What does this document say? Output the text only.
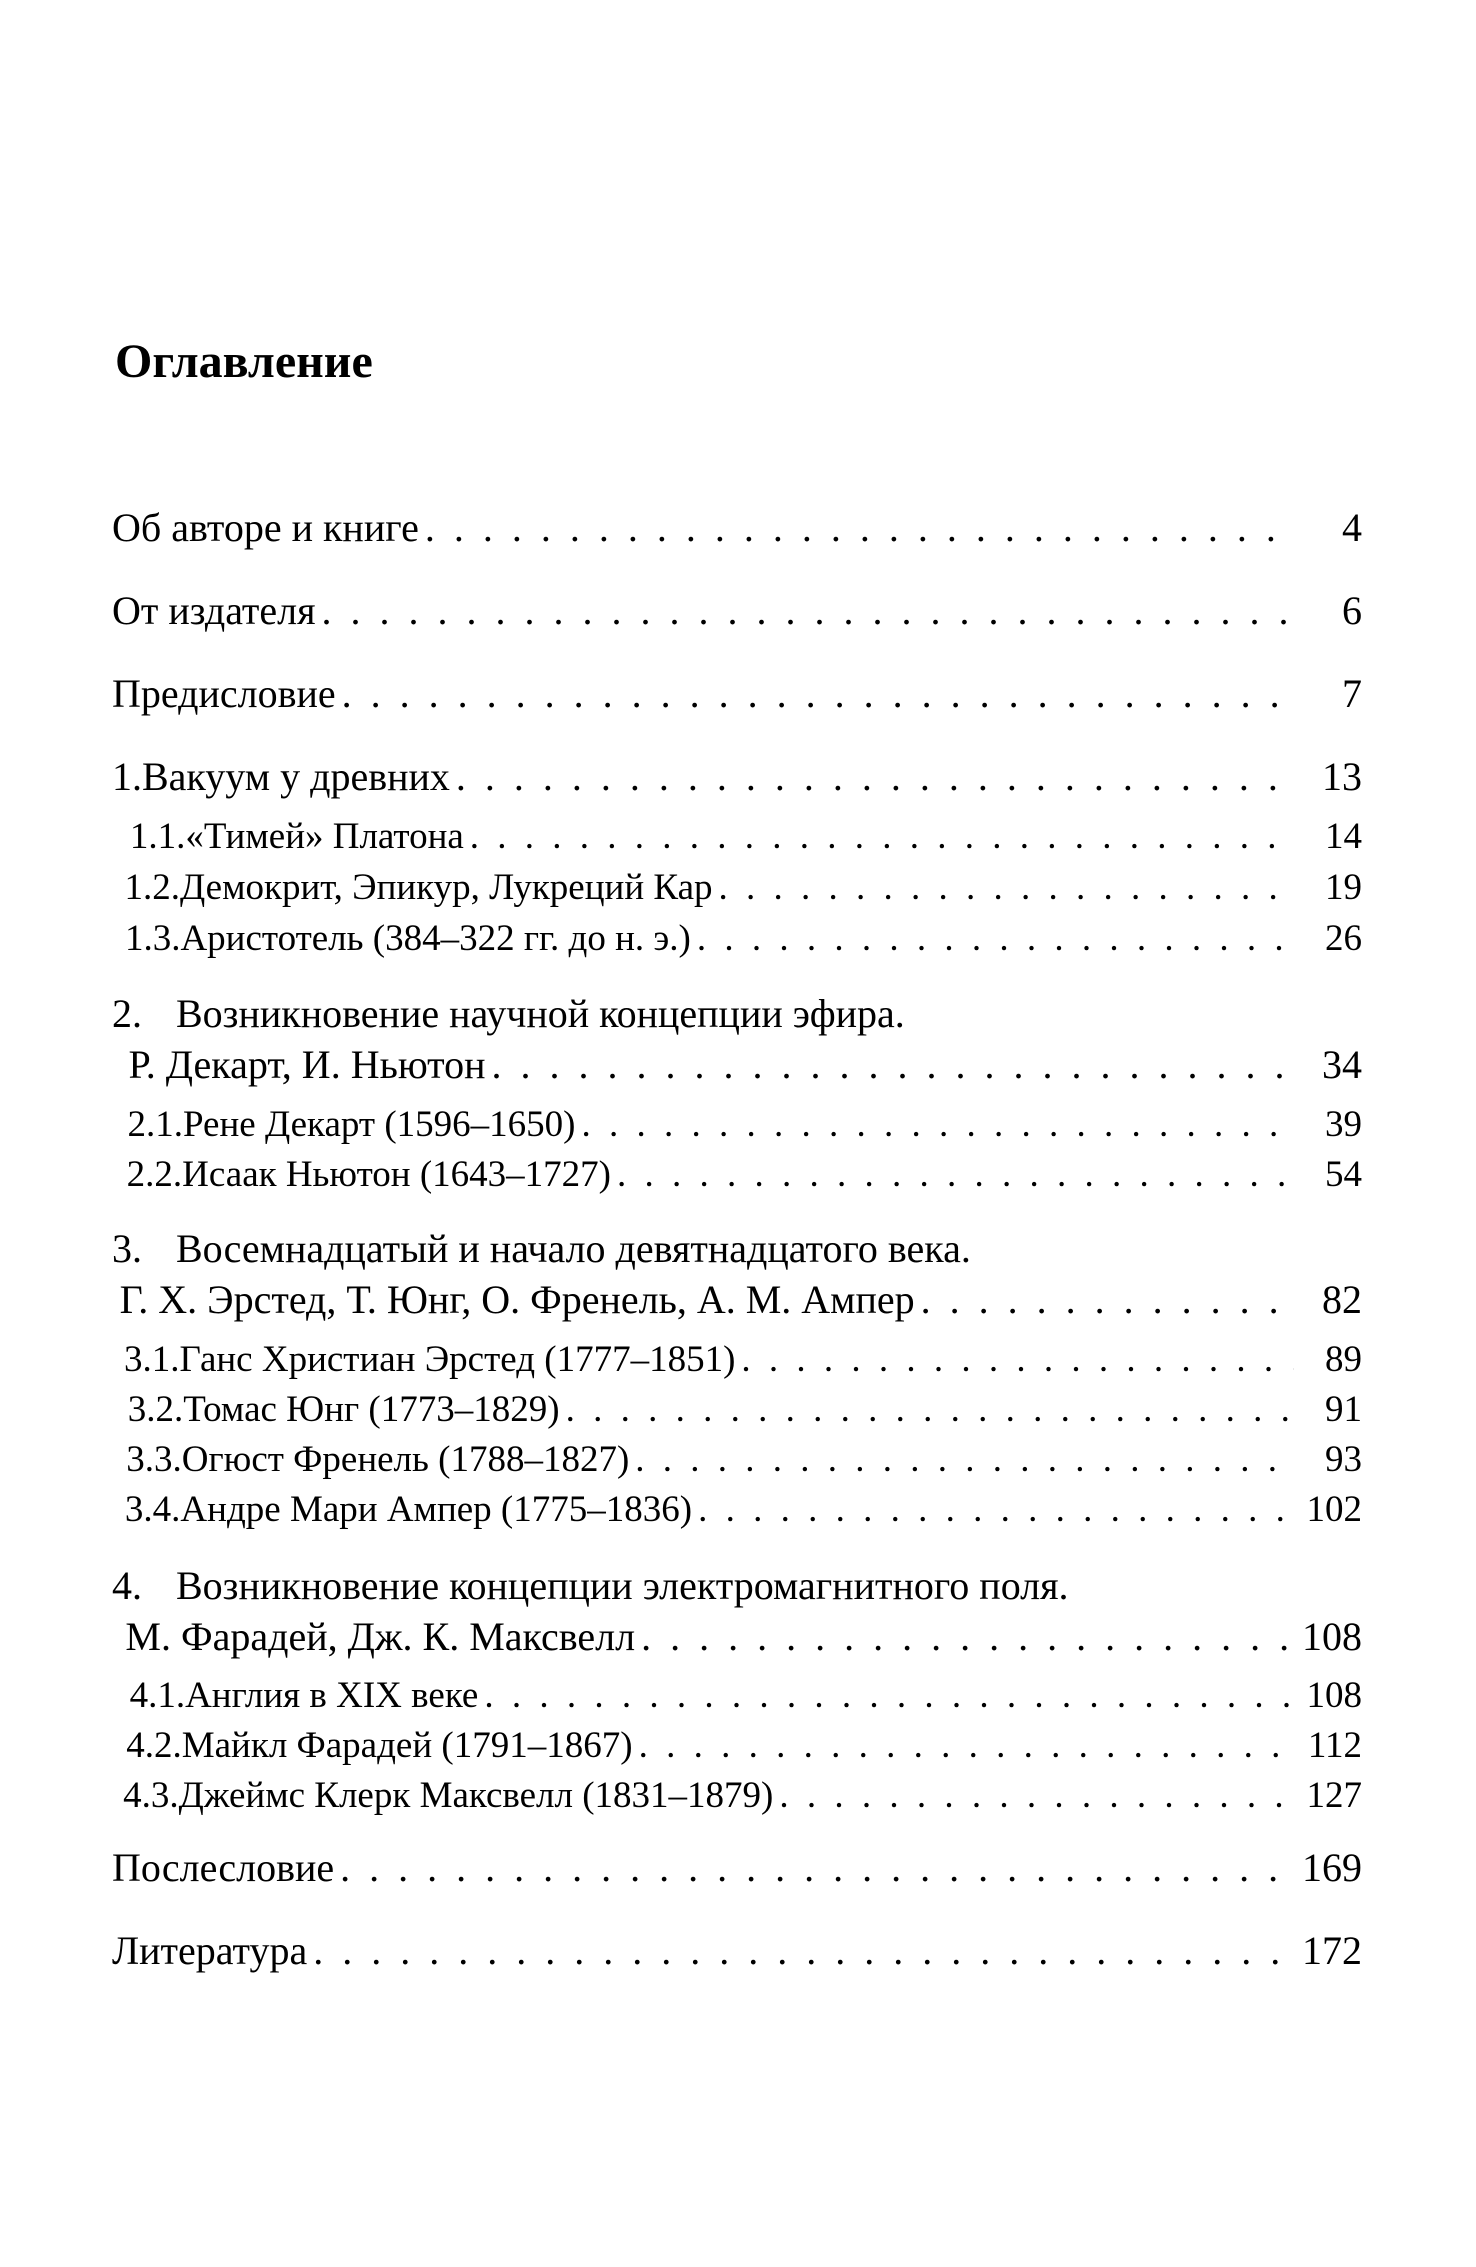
Оглавление
Об авторе и книге . . .	4
От издателя . . .	6
Предисловие . . .	7
1. Вакуум у древних . . .	13
1.1. «Тимей» Платона . . .	14
1.2. Демокрит, Эпикур, Лукреций Кар . . .	19
1.3. Аристотель (384–322 гг. до н. э.) . . .	26
2. Возникновение научной концепции эфира.
Р. Декарт, И. Ньютон . . .	34
2.1. Рене Декарт (1596–1650) . . .	39
2.2. Исаак Ньютон (1643–1727) . . .	54
3. Восемнадцатый и начало девятнадцатого века.
Г. Х. Эрстед, Т. Юнг, О. Френель, А. М. Ампер . . .	82
3.1. Ганс Христиан Эрстед (1777–1851) . . .	89
3.2. Томас Юнг (1773–1829) . . .	91
3.3. Огюст Френель (1788–1827) . . .	93
3.4. Андре Мари Ампер (1775–1836) . . .	102
4. Возникновение концепции электромагнитного поля.
М. Фарадей, Дж. К. Максвелл . . .	108
4.1. Англия в XIX веке . . .	108
4.2. Майкл Фарадей (1791–1867) . . .	112
4.3. Джеймс Клерк Максвелл (1831–1879) . . .	127
Послесловие . . .	169
Литература . . .	172
